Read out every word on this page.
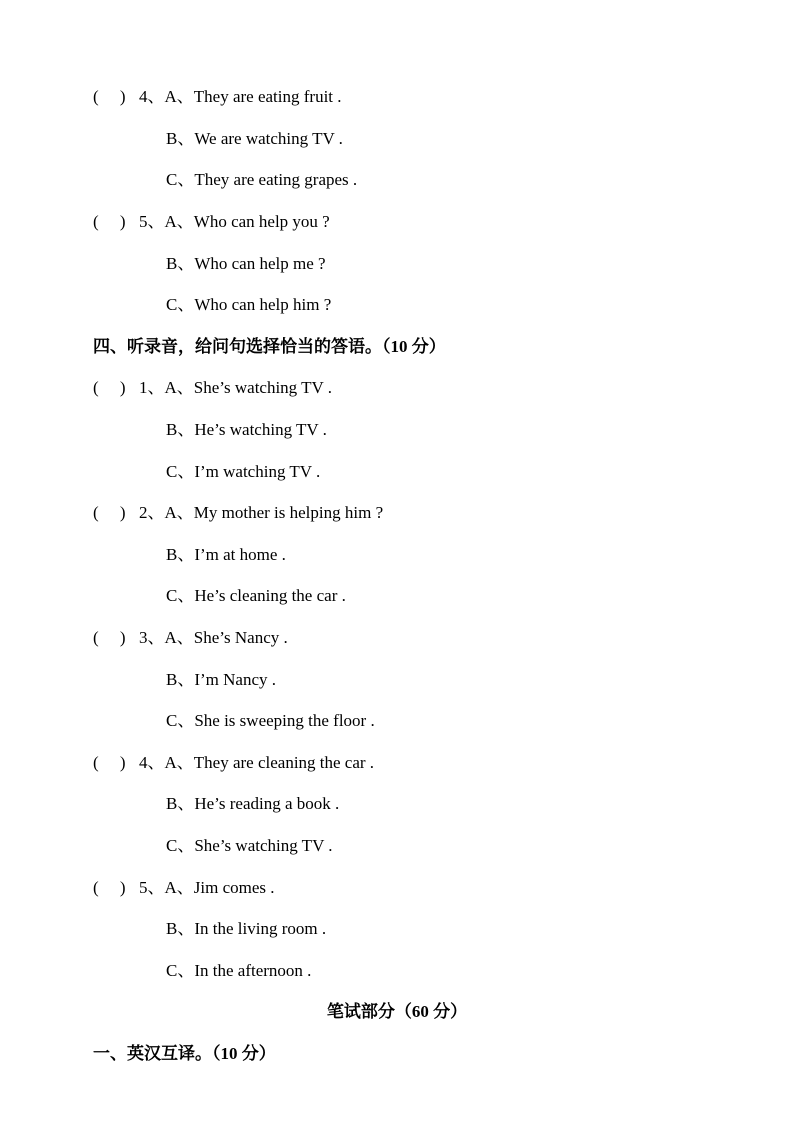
(     ) 4、A、They are eating fruit .
B、We are watching TV .
C、They are eating grapes .
(     ) 5、A、Who can help you ?
B、Who can help me ?
C、Who can help him ?
四、听录音，给问句选择恰当的答语。（10 分）
(     ) 1、A、She’s watching TV .
B、He’s watching TV .
C、I’m watching TV .
(     ) 2、A、My mother is helping him ?
B、I’m at home .
C、He’s cleaning the car .
(     ) 3、A、She’s Nancy .
B、I’m Nancy .
C、She is sweeping the floor .
(     ) 4、A、They are cleaning the car .
B、He’s reading a book .
C、She’s watching TV .
(     ) 5、A、Jim comes .
B、In the living room .
C、In the afternoon .
笔试部分（60 分）
一、英汉互译。（10 分）
